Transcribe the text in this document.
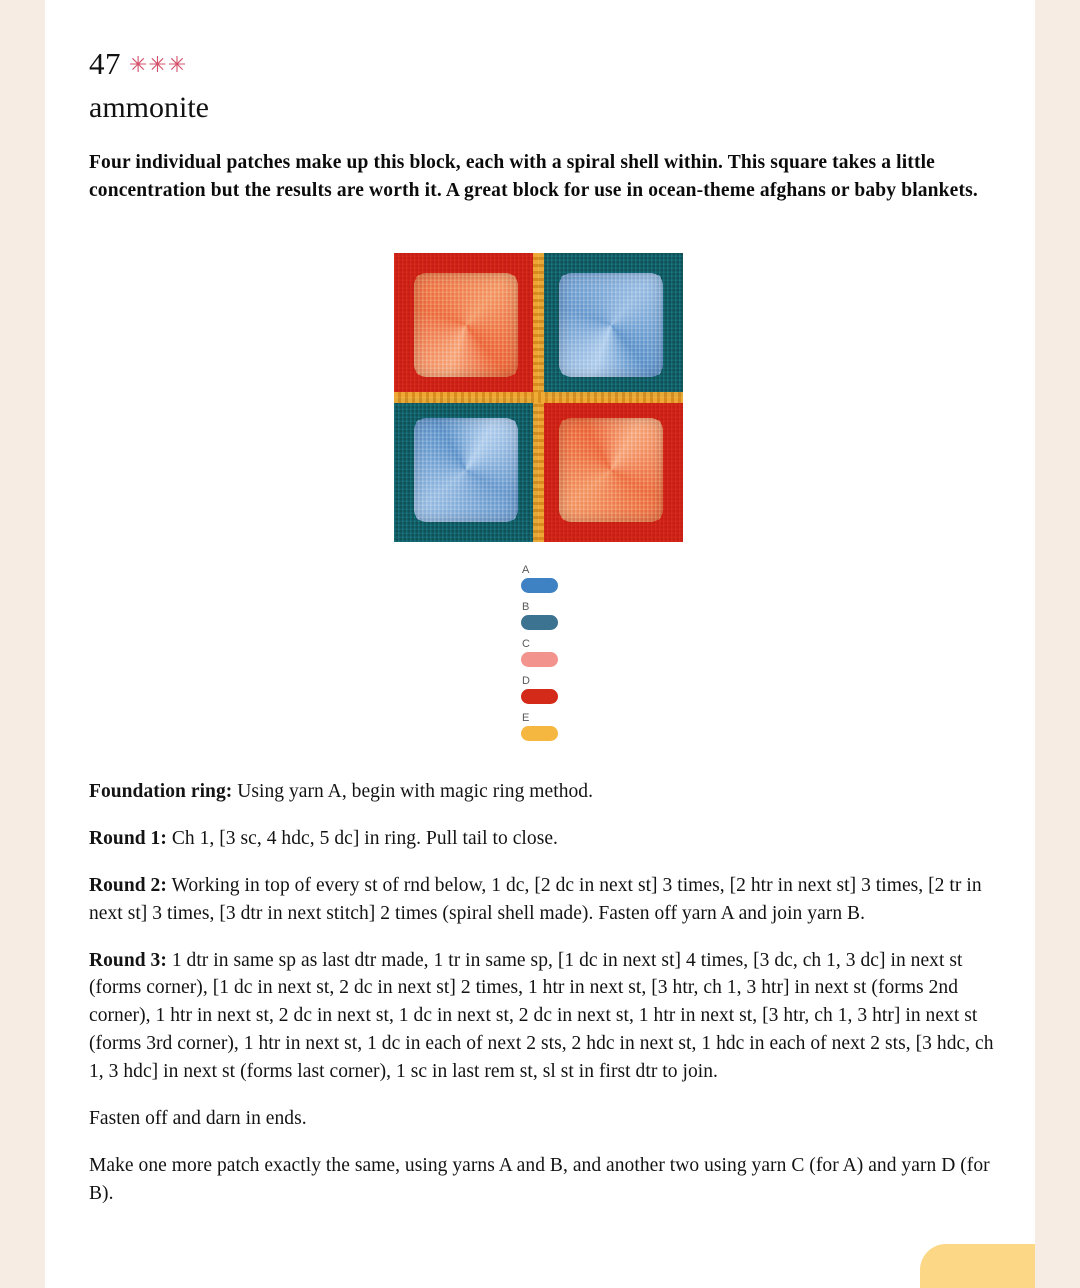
47 ✳✳✳
ammonite
Four individual patches make up this block, each with a spiral shell within. This square takes a little concentration but the results are worth it. A great block for use in ocean-theme afghans or baby blankets.
A
B
C
D
E

Foundation ring: Using yarn A, begin with magic ring method.

Round 1: Ch 1, [3 sc, 4 hdc, 5 dc] in ring. Pull tail to close.

Round 2: Working in top of every st of rnd below, 1 dc, [2 dc in next st] 3 times, [2 htr in next st] 3 times, [2 tr in next st] 3 times, [3 dtr in next stitch] 2 times (spiral shell made). Fasten off yarn A and join yarn B.

Round 3: 1 dtr in same sp as last dtr made, 1 tr in same sp, [1 dc in next st] 4 times, [3 dc, ch 1, 3 dc] in next st (forms corner), [1 dc in next st, 2 dc in next st] 2 times, 1 htr in next st, [3 htr, ch 1, 3 htr] in next st (forms 2nd corner), 1 htr in next st, 2 dc in next st, 1 dc in next st, 2 dc in next st, 1 htr in next st, [3 htr, ch 1, 3 htr] in next st (forms 3rd corner), 1 htr in next st, 1 dc in each of next 2 sts, 2 hdc in next st, 1 hdc in each of next 2 sts, [3 hdc, ch 1, 3 hdc] in next st (forms last corner), 1 sc in last rem st, sl st in first dtr to join.

Fasten off and darn in ends.

Make one more patch exactly the same, using yarns A and B, and another two using yarn C (for A) and yarn D (for B).
